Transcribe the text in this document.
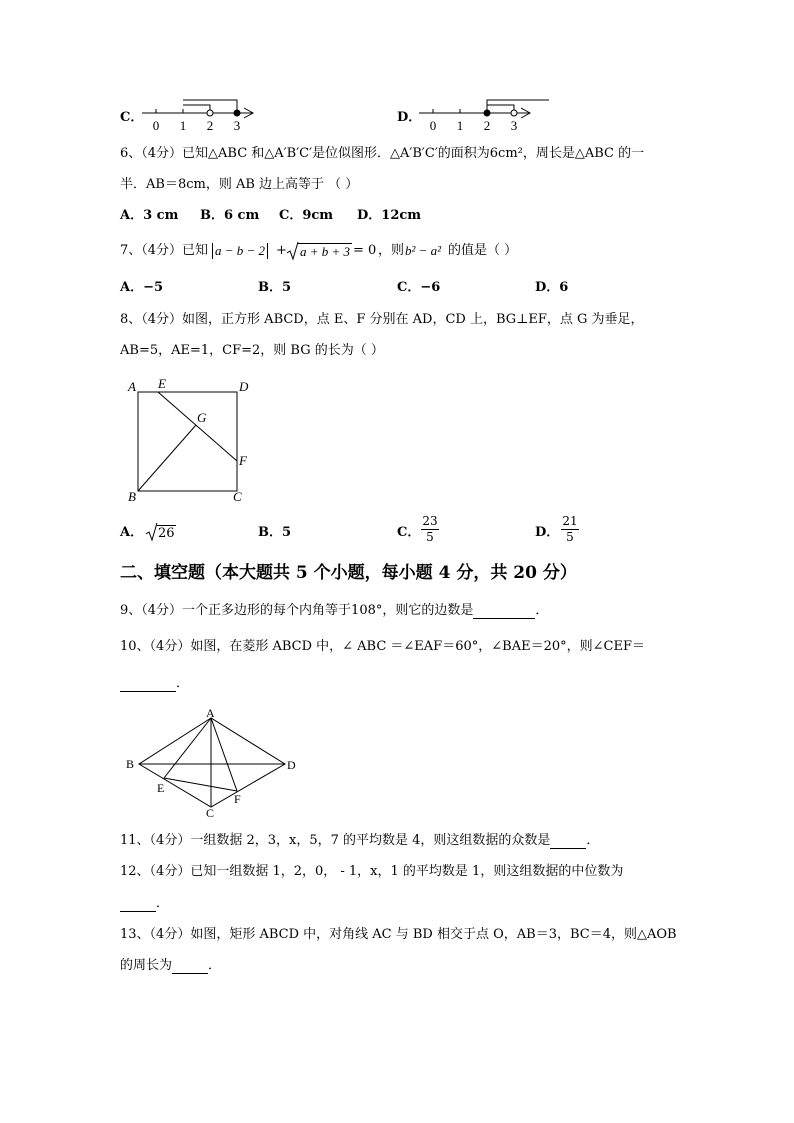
C．
0 1 2 3
D．
0 1 2 3
6、（4分）已知△ABC 和△A′B′C′是位似图形．△A′B′C′的面积为6cm²，周长是△ABC 的一
半．AB＝8cm，则 AB 边上高等于 （ ）
A．3 cm B．6 cm C．9cm D．12cm
7、（4分）已知 a − b − 2 + a + b + 3 = 0 ，则 b² − a² 的值是（ ）
A．−5	B．5	C．−6	D．6
8、（4分）如图，正方形 ABCD，点 E、F 分别在 AD，CD 上，BG⊥EF，点 G 为垂足，
AB=5，AE=1，CF=2，则 BG 的长为（ ）
A E	D
G
F
B	C
A． 26	B．5	C． $\frac{23}{5}$	D． $\frac{21}{5}$
二、填空题（本大题共 5 个小题，每小题 4 分，共 20 分）
9、（4分）一个正多边形的每个内角等于108°，则它的边数是	．
10、（4分）如图，在菱形 ABCD 中，∠ ABC ＝∠EAF＝60°，∠BAE＝20°，则∠CEF＝
．
A
B	D
E
F
C
11、（4分）一组数据 2，3，x，5，7 的平均数是 4，则这组数据的众数是	．
12、（4分）已知一组数据 1，2，0， - 1，x，1 的平均数是 1，则这组数据的中位数为
．
13、（4分）如图，矩形 ABCD 中，对角线 AC 与 BD 相交于点 O，AB＝3，BC＝4，则△AOB
的周长为	．
